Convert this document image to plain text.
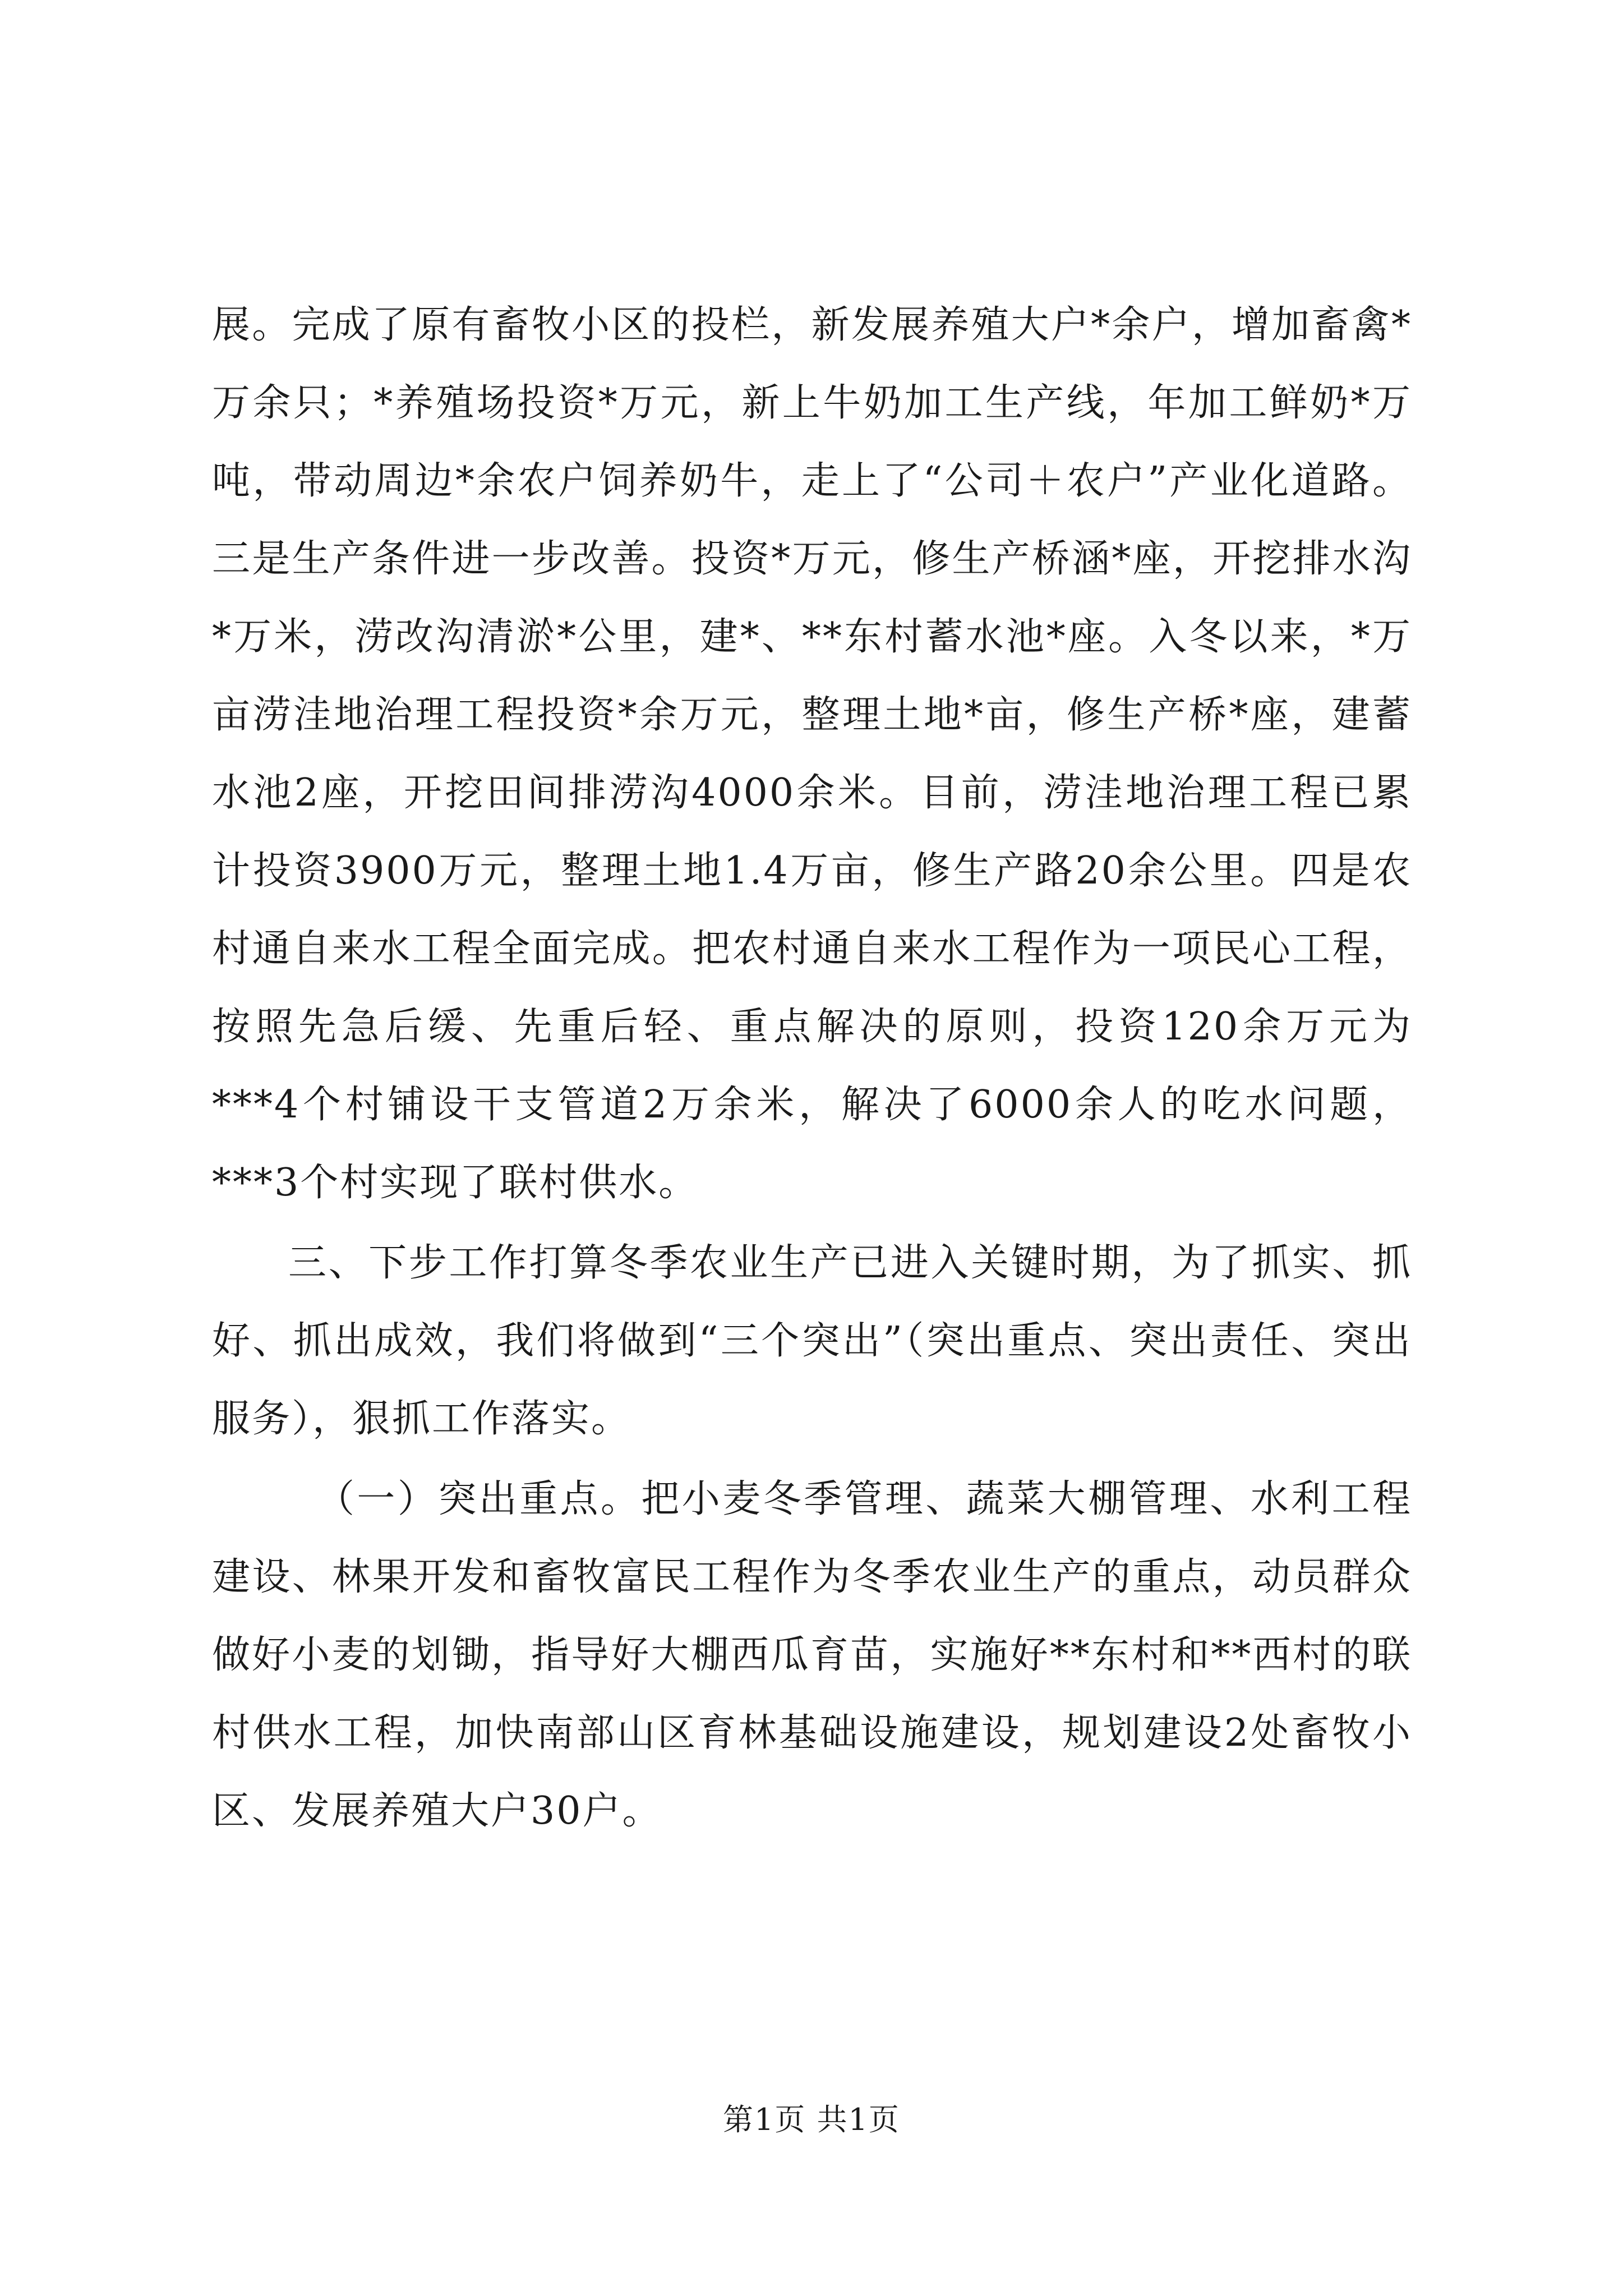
展。完成了原有畜牧小区的投栏，新发展养殖大户*余户，增加畜禽*万余只；*养殖场投资*万元，新上牛奶加工生产线，年加工鲜奶*万吨，带动周边*余农户饲养奶牛，走上了“公司＋农户”产业化道路。三是生产条件进一步改善。投资*万元，修生产桥涵*座，开挖排水沟*万米，涝改沟清淤*公里，建*、**东村蓄水池*座。入冬以来，*万亩涝洼地治理工程投资*余万元，整理土地*亩，修生产桥*座，建蓄水池2座，开挖田间排涝沟4000余米。目前，涝洼地治理工程已累计投资3900万元，整理土地1.4万亩，修生产路20余公里。四是农村通自来水工程全面完成。把农村通自来水工程作为一项民心工程，按照先急后缓、先重后轻、重点解决的原则，投资120余万元为***4个村铺设干支管道2万余米，解决了6000余人的吃水问题，***3个村实现了联村供水。

三、下步工作打算冬季农业生产已进入关键时期，为了抓实、抓好、抓出成效，我们将做到“三个突出”（突出重点、突出责任、突出服务），狠抓工作落实。

（一）突出重点。把小麦冬季管理、蔬菜大棚管理、水利工程建设、林果开发和畜牧富民工程作为冬季农业生产的重点，动员群众做好小麦的划锄，指导好大棚西瓜育苗，实施好**东村和**西村的联村供水工程，加快南部山区育林基础设施建设，规划建设2处畜牧小区、发展养殖大户30户。

第1页 共1页
